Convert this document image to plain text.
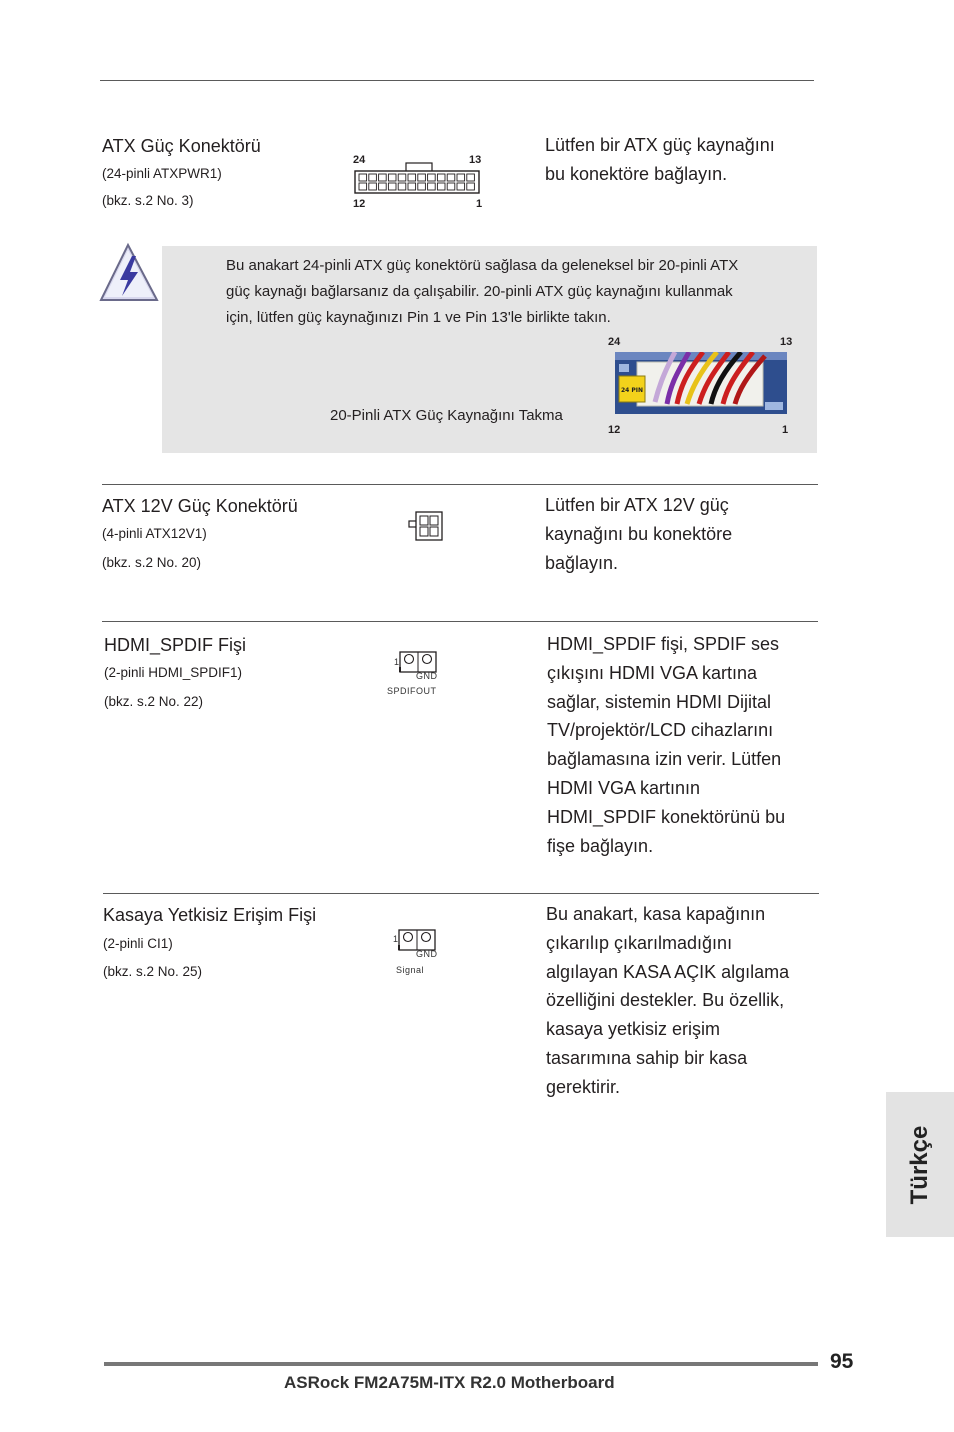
ATX Güç Konektörü
(24-pinli ATXPWR1)
(bkz. s.2 No. 3)
24	13
12	1
Lütfen bir ATX güç kaynağını
bu konektöre bağlayın.
Bu anakart 24-pinli ATX güç konektörü sağlasa da geleneksel bir 20-pinli ATX
güç kaynağı bağlarsanız da çalışabilir. 20-pinli ATX güç kaynağını kullanmak
için, lütfen güç kaynağınızı Pin 1 ve Pin 13'le birlikte takın.
20-Pinli ATX Güç Kaynağını Takma
24	13
12	1
24 PIN
ATX 12V Güç Konektörü
(4-pinli ATX12V1)
(bkz. s.2 No. 20)
Lütfen bir ATX 12V güç
kaynağını bu konektöre
bağlayın.
HDMI_SPDIF Fişi
(2-pinli HDMI_SPDIF1)
(bkz. s.2 No. 22)
1
GND
SPDIFOUT
HDMI_SPDIF fişi, SPDIF ses
çıkışını HDMI VGA kartına
sağlar, sistemin HDMI Dijital
TV/projektör/LCD cihazlarını
bağlamasına izin verir. Lütfen
HDMI VGA kartının
HDMI_SPDIF konektörünü bu
fişe bağlayın.
Kasaya Yetkisiz Erişim Fişi
(2-pinli CI1)
(bkz. s.2 No. 25)
1
GND
Signal
Bu anakart, kasa kapağının
çıkarılıp çıkarılmadığını
algılayan KASA AÇIK algılama
özelliğini destekler. Bu özellik,
kasaya yetkisiz erişim
tasarımına sahip bir kasa
gerektirir.
Türkçe
95
ASRock FM2A75M-ITX R2.0 Motherboard
